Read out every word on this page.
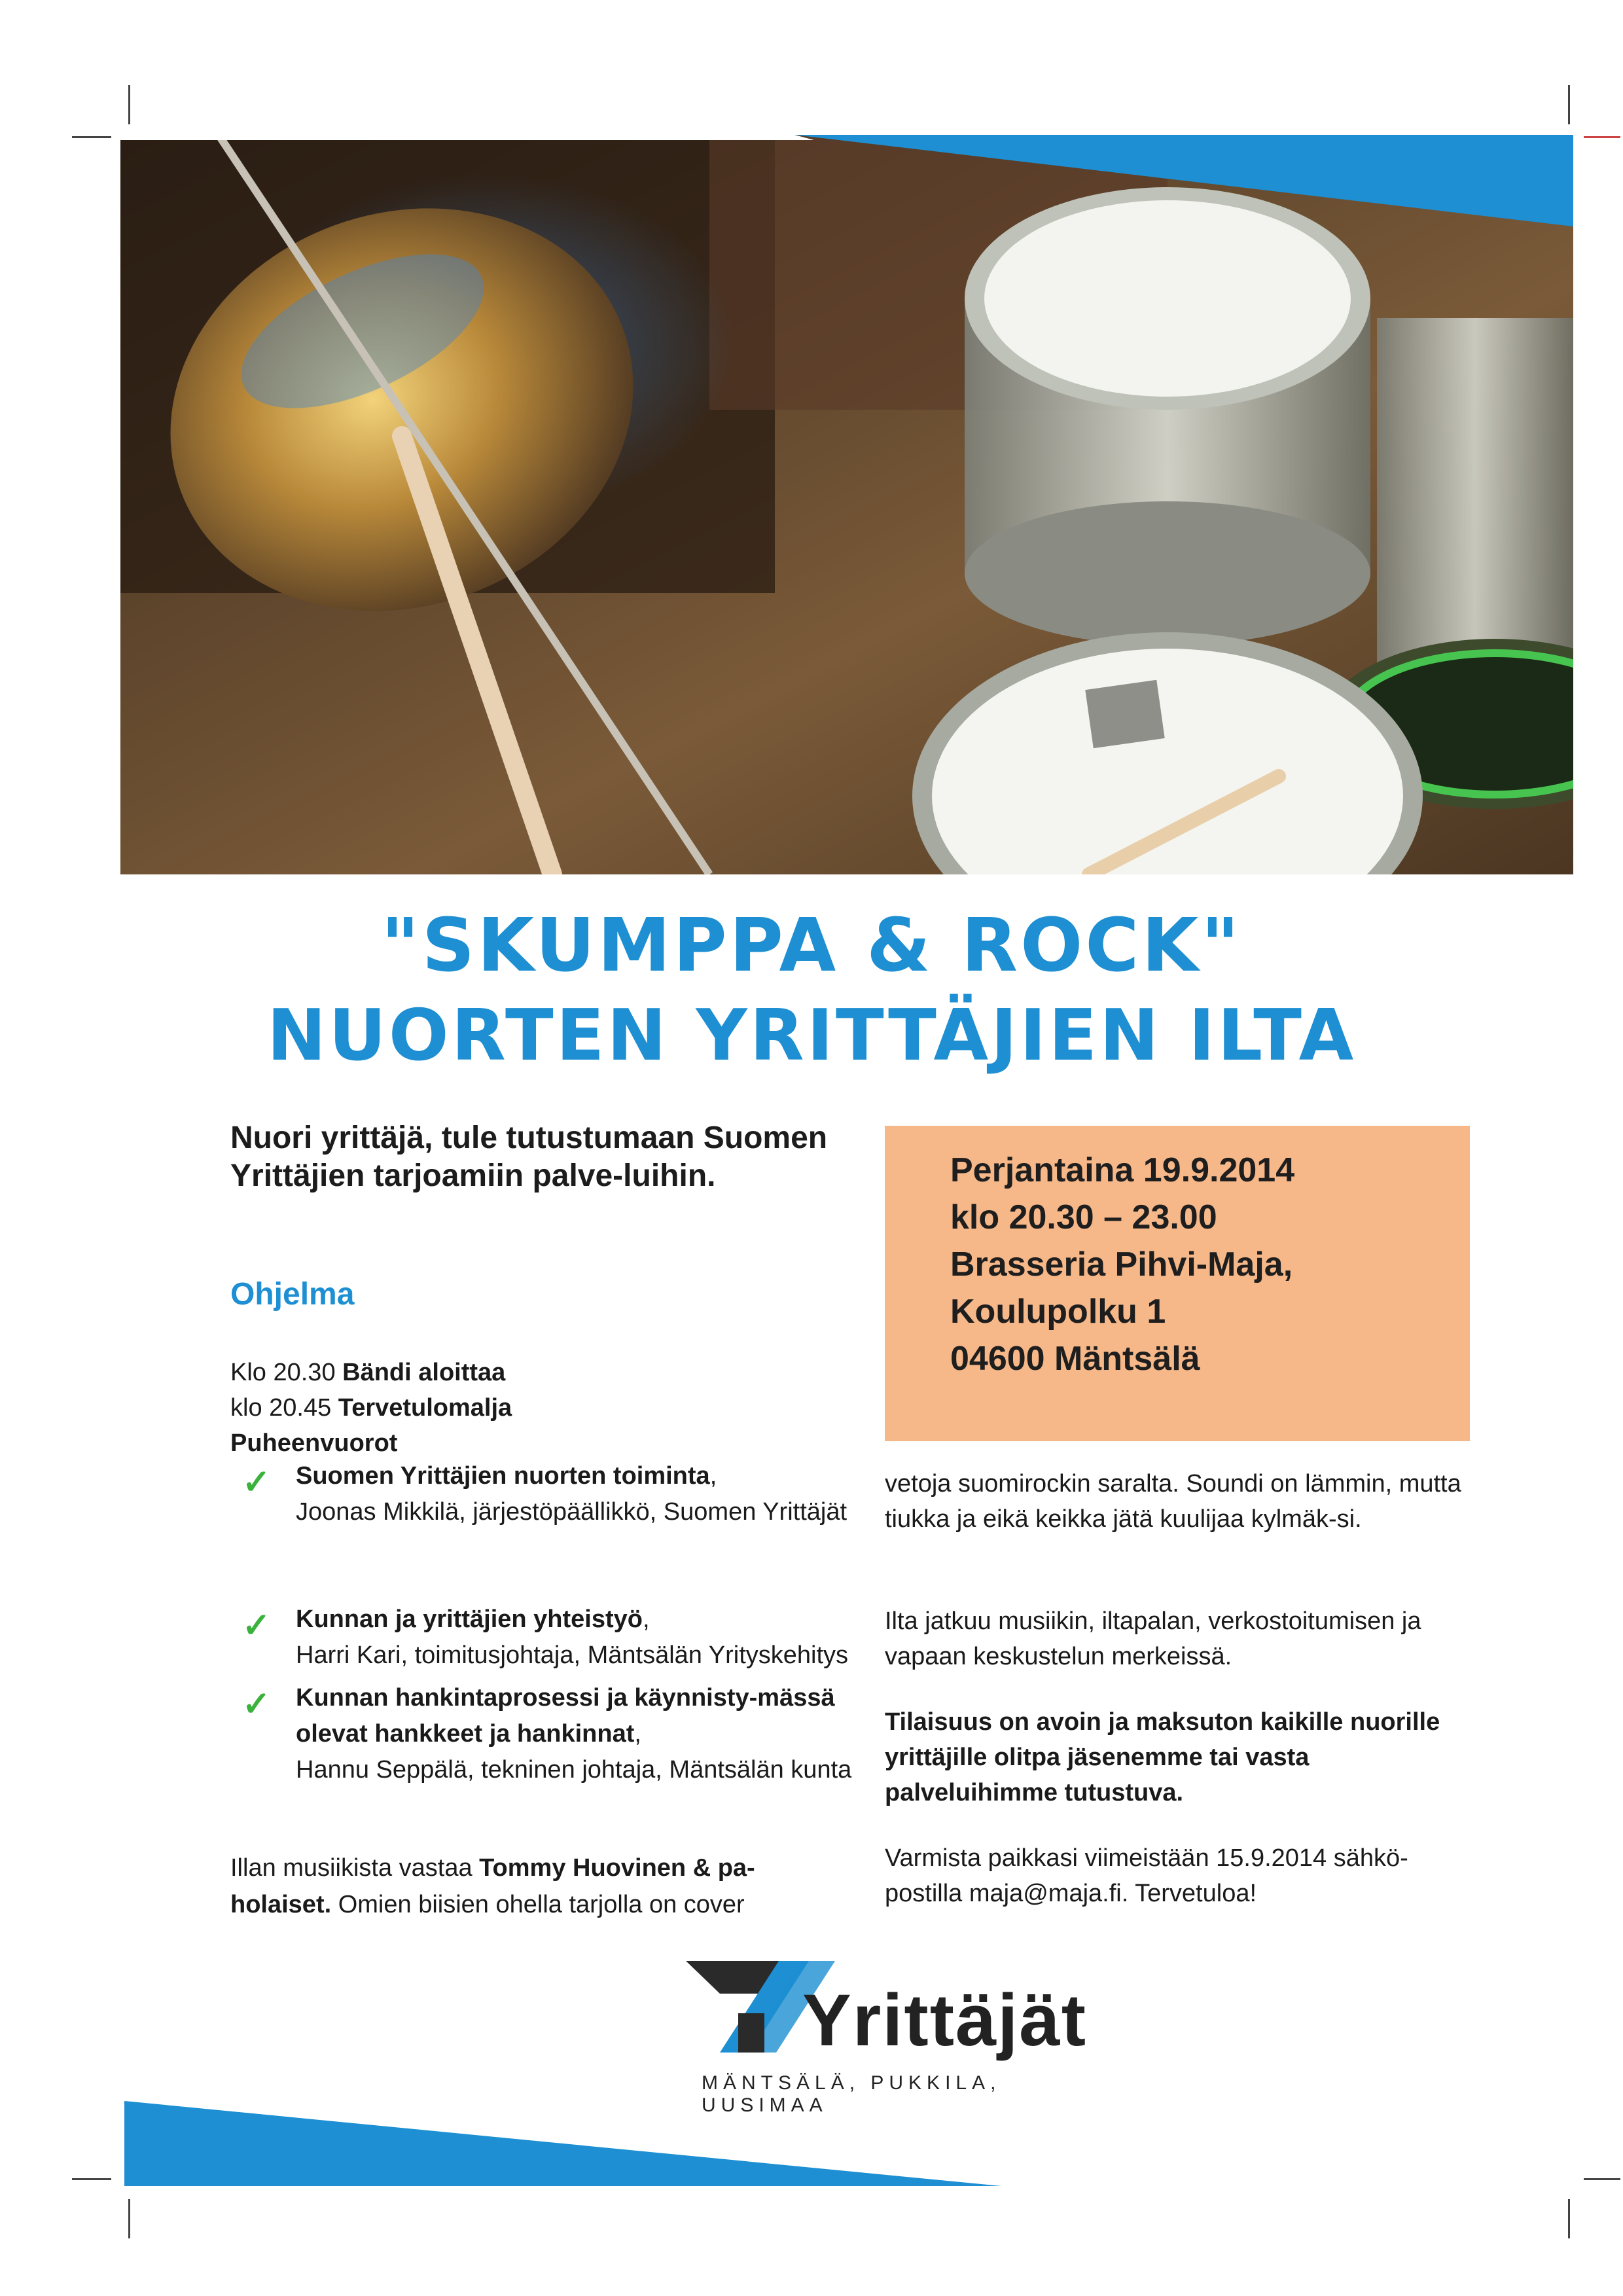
"SKUMPPA & ROCK"
NUORTEN YRITTÄJIEN ILTA
Nuori yrittäjä, tule tutustumaan Suomen Yrittäjien tarjoamiin palve-luihin.
Ohjelma
Klo 20.30 Bändi aloittaa
klo 20.45 Tervetulomalja
Puheenvuorot
✓ Suomen Yrittäjien nuorten toiminta,
Joonas Mikkilä, järjestöpäällikkö, Suomen Yrittäjät
✓ Kunnan ja yrittäjien yhteistyö,
Harri Kari, toimitusjohtaja, Mäntsälän Yrityskehitys
✓ Kunnan hankintaprosessi ja käynnisty-mässä olevat hankkeet ja hankinnat,
Hannu Seppälä, tekninen johtaja, Mäntsälän kunta
Illan musiikista vastaa Tommy Huovinen & pa-holaiset. Omien biisien ohella tarjolla on cover
Perjantaina 19.9.2014
klo 20.30 – 23.00
Brasseria Pihvi-Maja,
Koulupolku 1
04600 Mäntsälä
vetoja suomirockin saralta. Soundi on lämmin, mutta tiukka ja eikä keikka jätä kuulijaa kylmäk-si.
Ilta jatkuu musiikin, iltapalan, verkostoitumisen ja vapaan keskustelun merkeissä.
Tilaisuus on avoin ja maksuton kaikille nuorille yrittäjille olitpa jäsenemme tai vasta palveluihimme tutustuva.
Varmista paikkasi viimeistään 15.9.2014 sähkö-postilla maja@maja.fi. Tervetuloa!
Yrittäjät
MÄNTSÄLÄ, PUKKILA, UUSIMAA
